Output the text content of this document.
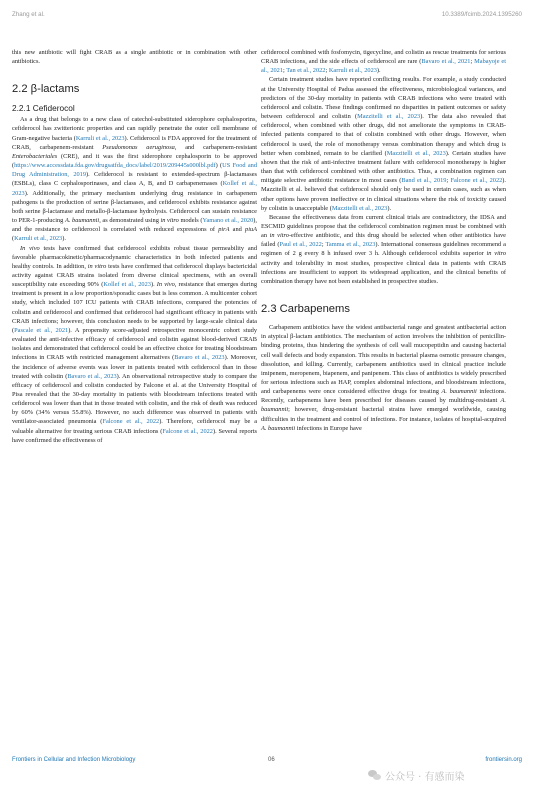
Zhang et al.	10.3389/fcimb.2024.1395260

this new antibiotic will fight CRAB as a single antibiotic or in combination with other antibiotics.

2.2 β-lactams
2.2.1 Cefiderocol

As a drug that belongs to a new class of catechol-substituted siderophore cephalosporins, cefiderocol has zwitterionic properties and can rapidly penetrate the outer cell membrane of Gram-negative bacteria (Karruli et al., 2023). Cefiderocol is FDA approved for the treatment of CRAB, carbapenem-resistant Pseudomonas aeruginosa, and carbapenem-resistant Enterobacteriales (CRE), and it was the first siderophore cephalosporin to be approved (https://www.accessdata.fda.gov/drugsatfda_docs/label/2019/209445s000lbl.pdf) (US Food and Drug Administration, 2019). Cefiderocol is resistant to extended-spectrum β-lactamases (ESBLs), class C cephalosporinases, and class A, B, and D carbapenemases (Kollef et al., 2023). Additionally, the primary mechanism underlying drug resistance in carbapenem pathogens is the production of serine β-lactamases, and cefiderocol exhibits resistance against both serine β-lactamase and metallo-β-lactamase hydrolysis. Cefiderocol can sustain resistance to PER-1-producing A. baumannii, as demonstrated using in vitro models (Yamano et al., 2020), and the resistance to cefiderocol is correlated with reduced expressions of pirA and piuA (Karruli et al., 2023).

In vivo tests have confirmed that cefiderocol exhibits robust tissue permeability and favorable pharmacokinetic/pharmacodynamic characteristics in both infected patients and healthy controls. In addition, in vitro tests have confirmed that cefiderocol displays bactericidal activity against CRAB strains isolated from diverse clinical specimens, with an overall susceptibility rate exceeding 90% (Kollef et al., 2023). In vivo, resistance that emerges during treatment is present in a low proportion/sporadic cases but is less common. A multicenter cohort study, which included 107 ICU patients with CRAB infections, compared the potencies of colistin and cefiderocol and confirmed that cefiderocol had significant efficacy in patients with CRAB infections; however, this conclusion needs to be supported by large-scale clinical data (Pascale et al., 2021). A propensity score-adjusted retrospective monocentric cohort study evaluated the anti-infective efficacy of cefiderocol and colistin against blood-derived CRAB isolates and demonstrated that cefiderocol could be an effective choice for treating bloodstream infections in CRAB with restricted management alternatives (Bavaro et al., 2023). Moreover, the incidence of adverse events was lower in patients treated with cefiderocol than in those treated with colistin (Bavaro et al., 2023). An observational retrospective study to compare the efficacy of cefiderocol and colistin conducted by Falcone et al. at the University Hospital of Pisa revealed that the 30-day mortality in patients with bloodstream infections treated with cefiderocol was lower than that in those treated with colistin, and the risk of death was reduced by 60% (34% versus 55.8%). However, no such difference was observed in patients with ventilator-associated pneumonia (Falcone et al., 2022). Therefore, cefiderocol may be a valuable alternative for treating serious CRAB infections (Falcone et al., 2022). Several reports have confirmed the effectiveness of

cefiderocol combined with fosfomycin, tigecycline, and colistin as rescue treatments for serious CRAB infections, and the side effects of cefiderocol are rare (Bavaro et al., 2021; Mabayoje et al., 2021; Tan et al., 2022; Karruli et al., 2023).

Certain treatment studies have reported conflicting results. For example, a study conducted at the University Hospital of Padua assessed the effectiveness, microbiological variances, and predictors of the 30-day mortality in patients with CRAB infections who were treated with cefiderocol and colistin. These findings confirmed no disparities in patient outcomes or safety between cefiderocol and colistin (Mazzitelli et al., 2023). The data also revealed that cefiderocol, when combined with other drugs, did not ameliorate the symptoms in CRAB-infected patients compared to that of colistin combined with other drugs. However, when cefiderocol is used, the role of monotherapy versus combination therapy and which drug is better when combined, remain to be clarified (Mazzitelli et al., 2023). Certain studies have shown that the risk of anti-infective treatment failure with cefiderocol monotherapy is higher than that with cefiderocol combined with other antibiotics. Thus, a combination regimen can mitigate selective antibiotic resistance in most cases (Band et al., 2019; Falcone et al., 2022). Mazzitelli et al. believed that cefiderocol should only be used in certain cases, such as when other options have proven ineffective or in clinical situations where the risk of toxicity caused by colistin is unacceptable (Mazzitelli et al., 2023).

Because the effectiveness data from current clinical trials are contradictory, the IDSA and ESCMID guidelines propose that the cefiderocol combination regimen must be combined with an in vitro-effective antibiotic, and this drug should be selected when other antibiotics have failed (Paul et al., 2022; Tamma et al., 2023). International consensus guidelines recommend a regimen of 2 g every 8 h infused over 3 h. Although cefiderocol exhibits superior in vitro activity and tolerability in most studies, prospective clinical data in patients with CRAB infections are insufficient to support its widespread application, and the clinical benefits of combination therapy have not been established in prospective studies.

2.3 Carbapenems

Carbapenem antibiotics have the widest antibacterial range and greatest antibacterial action in atypical β-lactam antibiotics. The mechanism of action involves the inhibition of penicillin-binding proteins, thus hindering the synthesis of cell wall mucopeptidin and causing bacterial cell wall defects and body expansion. This results in bacterial plasma osmotic pressure changes, dissolution, and killing. Currently, carbapenem antibiotics used in clinical practice include imipenem, meropenem, biapenem, and panipenem. This class of antibiotics is widely prescribed for serious infections such as HAP, complex abdominal infections, and bloodstream infections, and carbapenems were once considered effective drugs for treating A. baumannii infections. Recently, carbapenems have been prescribed for diseases caused by multidrug-resistant A. baumannii; however, drug-resistant bacterial strains have emerged worldwide, causing difficulties in the treatment and control of infections. For instance, isolates of hospital-acquired A. baumannii infections in Europe have

Frontiers in Cellular and Infection Microbiology	06	frontiersin.org
公众号 · 有感而染
